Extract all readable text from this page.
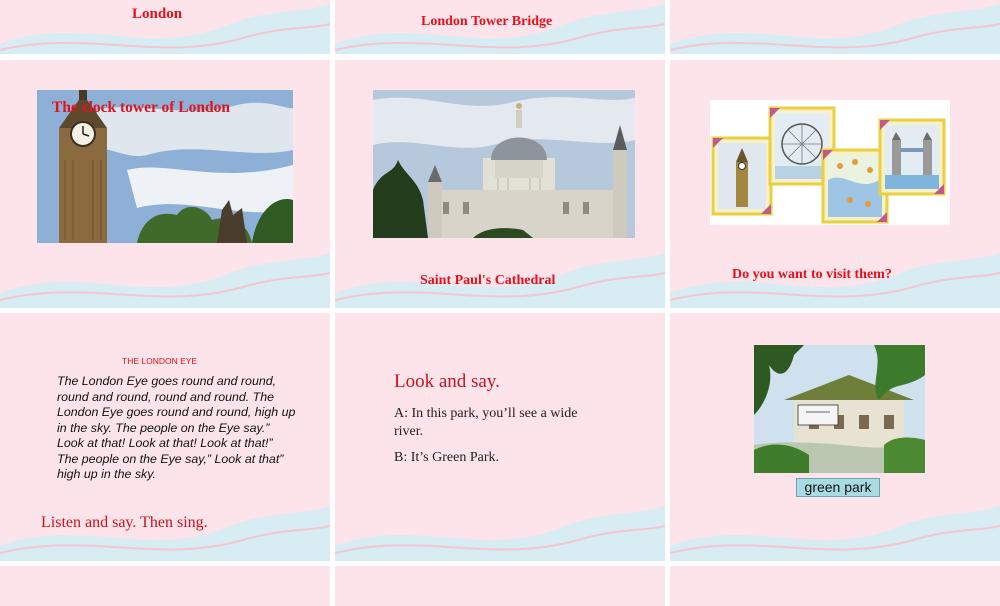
London	London Tower Bridge
The clock tower of London
Saint Paul's Cathedral	Do you want to visit them?
THE LONDON EYE
The London Eye goes round and round, round and round, round and round. The London Eye goes round and round, high up in the sky. The people on the Eye say.” Look at that! Look at that! Look at that!” The people on the Eye say,” Look at that” high up in the sky.
Listen and say. Then sing.
Look and say.
A: In this park, you’ll see a wide river.
B: It’s Green Park.
green park
